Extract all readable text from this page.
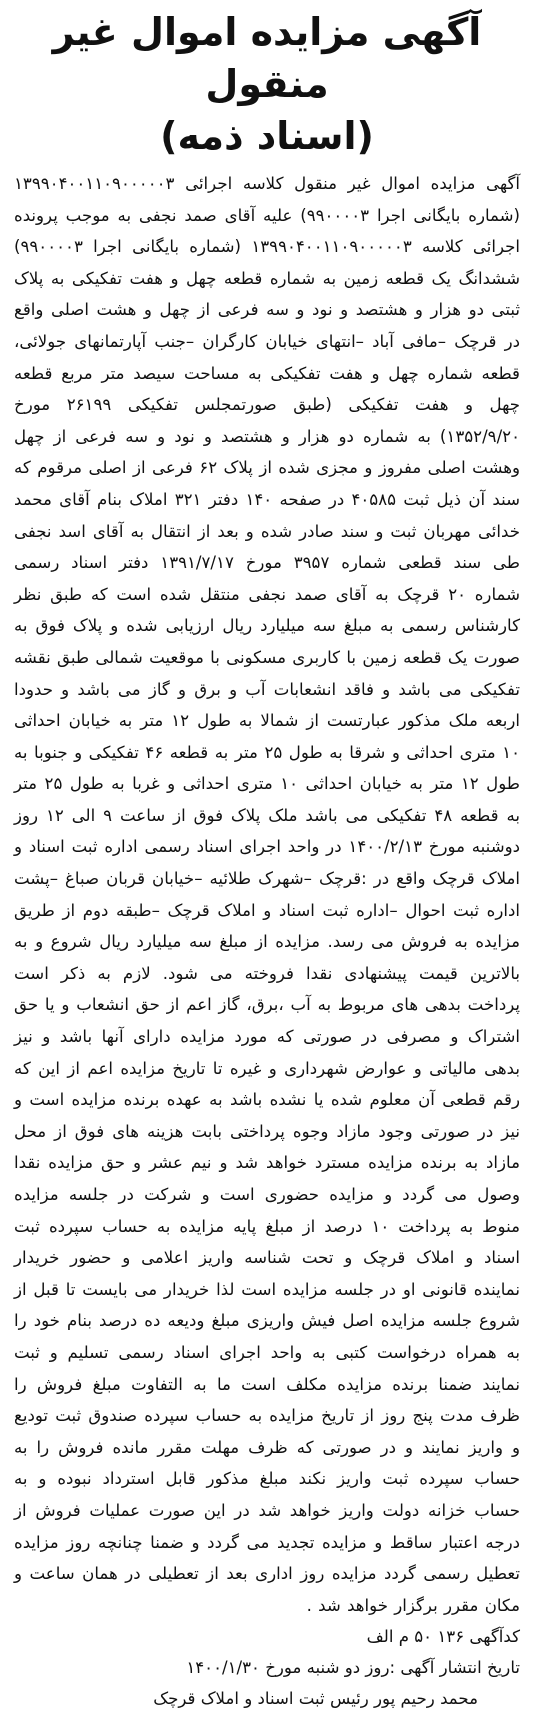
آگهی مزایده اموال غیر منقول
(اسناد ذمه)

آگهی مزایده اموال غیر منقول کلاسه اجرائی ۱۳۹۹۰۴۰۰۱۱۰۹۰۰۰۰۰۳ (شماره بایگانی اجرا ۹۹۰۰۰۰۳) علیه آقای صمد نجفی به موجب پرونده اجرائی کلاسه ۱۳۹۹۰۴۰۰۱۱۰۹۰۰۰۰۰۳ (شماره بایگانی اجرا ۹۹۰۰۰۰۳) ششدانگ یک قطعه زمین به شماره قطعه چهل و هفت تفکیکی به پلاک ثبتی دو هزار و هشتصد و نود و سه فرعی از چهل و هشت اصلی واقع در قرچک –مافی آباد –انتهای خیابان کارگران –جنب آپارتمانهای جولائی، قطعه شماره چهل و هفت تفکیکی به مساحت سیصد متر مربع قطعه چهل و هفت تفکیکی (طبق صورتمجلس تفکیکی ۲۶۱۹۹ مورخ ۱۳۵۲/۹/۲۰) به شماره دو هزار و هشتصد و نود و سه فرعی از چهل وهشت اصلی مفروز و مجزی شده از پلاک ۶۲ فرعی از اصلی مرقوم که سند آن ذیل ثبت ۴۰۵۸۵ در صفحه ۱۴۰ دفتر ۳۲۱ املاک بنام آقای محمد خدائی مهربان ثبت و سند صادر شده و بعد از انتقال به آقای اسد نجفی طی سند قطعی شماره ۳۹۵۷ مورخ ۱۳۹۱/۷/۱۷ دفتر اسناد رسمی شماره ۲۰ قرچک به آقای صمد نجفی منتقل شده است که طبق نظر کارشناس رسمی به مبلغ سه میلیارد ریال ارزیابی شده و پلاک فوق به صورت یک قطعه زمین با کاربری مسکونی با موقعیت شمالی طبق نقشه تفکیکی می باشد و فاقد انشعابات آب و برق و گاز می باشد و حدودا اربعه ملک مذکور عبارتست از شمالا به طول ۱۲ متر به خیابان احداثی ۱۰ متری احداثی و شرقا به طول ۲۵ متر به قطعه ۴۶ تفکیکی و جنوبا به طول ۱۲ متر به خیابان احداثی ۱۰ متری احداثی و غربا به طول ۲۵ متر به قطعه ۴۸ تفکیکی می باشد ملک پلاک فوق از ساعت ۹ الی ۱۲ روز دوشنبه مورخ ۱۴۰۰/۲/۱۳ در واحد اجرای اسناد رسمی اداره ثبت اسناد و املاک قرچک واقع در :قرچک –شهرک طلائیه –خیابان قربان صباغ –پشت اداره ثبت احوال –اداره ثبت اسناد و املاک قرچک –طبقه دوم از طریق مزایده به فروش می رسد. مزایده از مبلغ سه میلیارد ریال شروع و به بالاترین قیمت پیشنهادی نقدا فروخته می شود. لازم به ذکر است پرداخت بدهی های مربوط به آب ،برق، گاز اعم از حق انشعاب و یا حق اشتراک و مصرفی در صورتی که مورد مزایده دارای آنها باشد و نیز بدهی مالیاتی و عوارض شهرداری و غیره تا تاریخ مزایده اعم از این که رقم قطعی آن معلوم شده یا نشده باشد به عهده برنده مزایده است و نیز در صورتی وجود مازاد وجوه پرداختی بابت هزینه های فوق از محل مازاد به برنده مزایده مسترد خواهد شد و نیم عشر و حق مزایده نقدا وصول می گردد و مزایده حضوری است و شرکت در جلسه مزایده منوط به پرداخت ۱۰ درصد از مبلغ پایه مزایده به حساب سپرده ثبت اسناد و املاک قرچک و تحت شناسه واریز اعلامی و حضور خریدار نماینده قانونی او در جلسه مزایده است لذا خریدار می بایست تا قبل از شروع جلسه مزایده اصل فیش واریزی مبلغ ودیعه ده درصد بنام خود را به همراه درخواست کتبی به واحد اجرای اسناد رسمی تسلیم و ثبت نمایند ضمنا برنده مزایده مکلف است ما به التفاوت مبلغ فروش را ظرف مدت پنج روز از تاریخ مزایده به حساب سپرده صندوق ثبت تودیع و واریز نمایند و در صورتی که ظرف مهلت مقرر مانده فروش را به حساب سپرده ثبت واریز نکند مبلغ مذکور قابل استرداد نبوده و به حساب خزانه دولت واریز خواهد شد در این صورت عملیات فروش از درجه اعتبار ساقط و مزایده تجدید می گردد و ضمنا چنانچه روز مزایده تعطیل رسمی گردد مزایده روز اداری بعد از تعطیلی در همان ساعت و مکان مقرر برگزار خواهد شد .

کدآگهی ۱۳۶ ۵۰ م الف

تاریخ انتشار آگهی :روز دو شنبه مورخ ۱۴۰۰/۱/۳۰

محمد رحیم پور رئیس ثبت اسناد و املاک قرچک
